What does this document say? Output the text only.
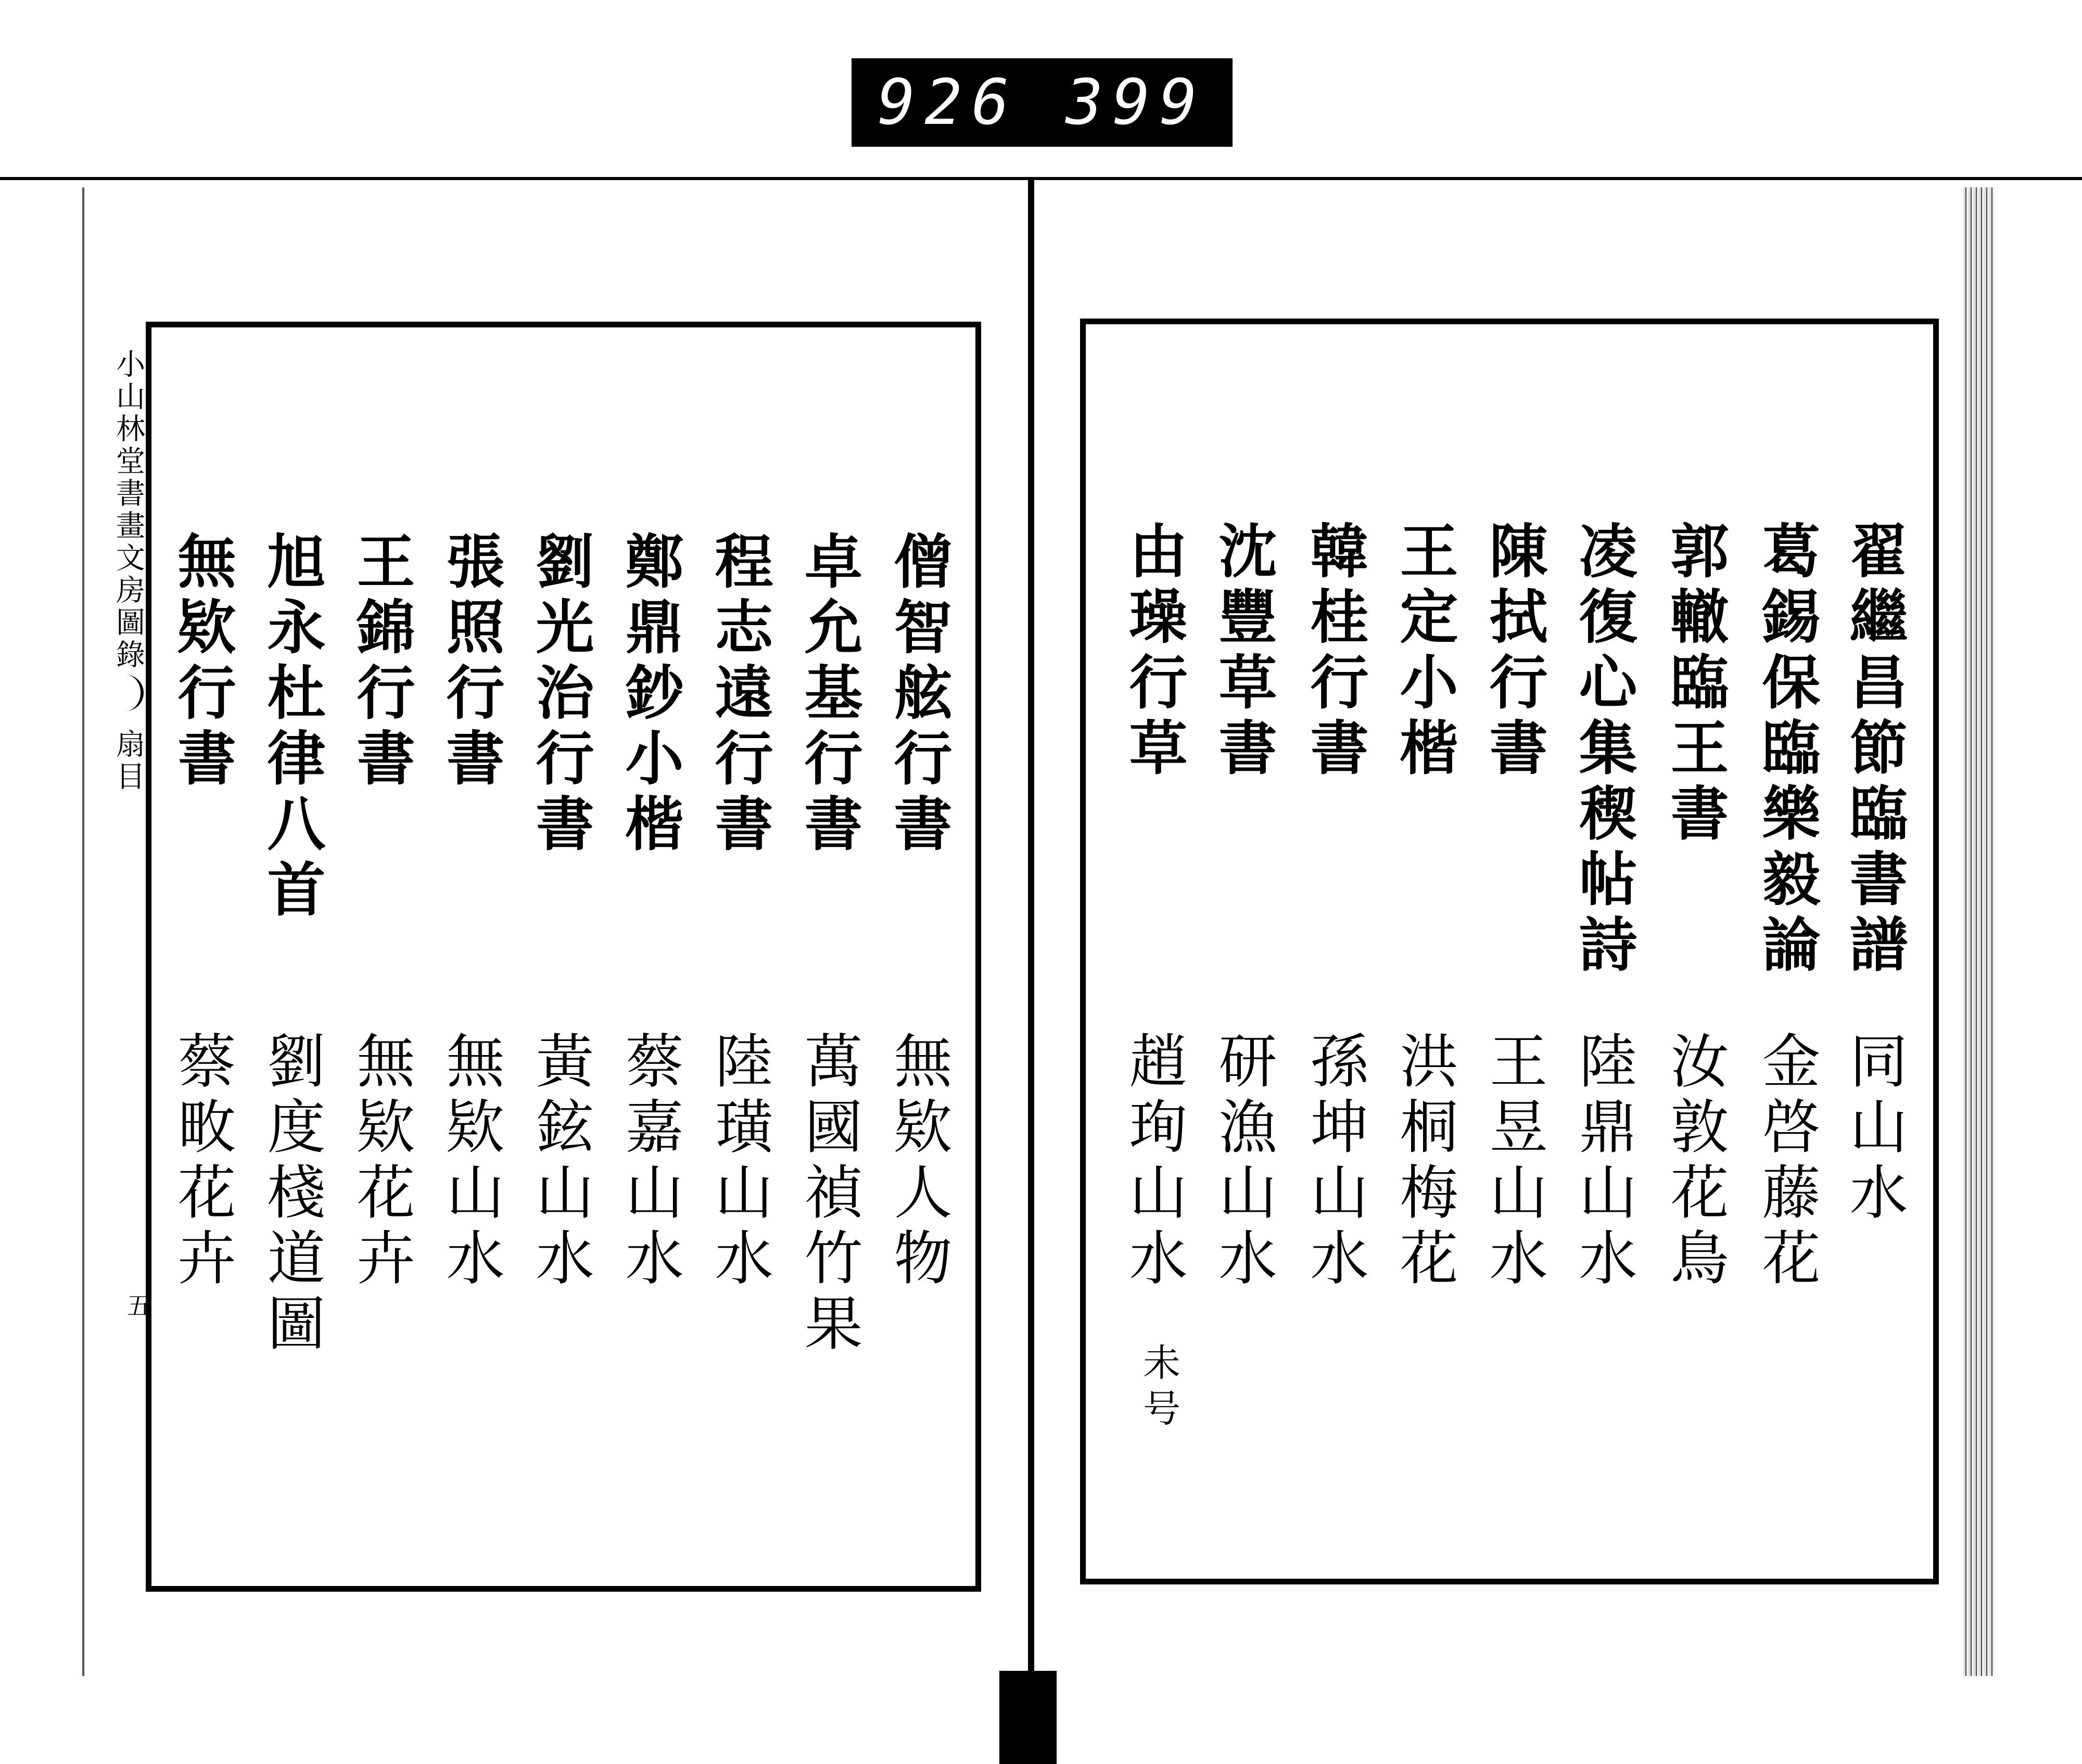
926 399
小山林堂書畫文房圖錄
扇目
五
翟繼昌節臨書譜
同山水
葛錫保臨樂毅論
金啓藤花
郭轍臨王書
汝敦花鳥
凌復心集稧帖詩
陸鼎山水
陳拭行書
王昱山水
王定小楷
洪桐梅花
韓桂行書
孫坤山水
沈豐草書
研漁山水
由璪行草
趙珣山水
未号
僧智舷行書
無欵人物
卓允基行書
萬國禎竹果
程志遠行書
陸璜山水
鄭鼎鈔小楷
蔡嘉山水
劉光治行書
黃鉉山水
張照行書
無欵山水
王錦行書
無欵花卉
旭永杜律八首
劉度棧道圖
無欵行書
蔡畋花卉
